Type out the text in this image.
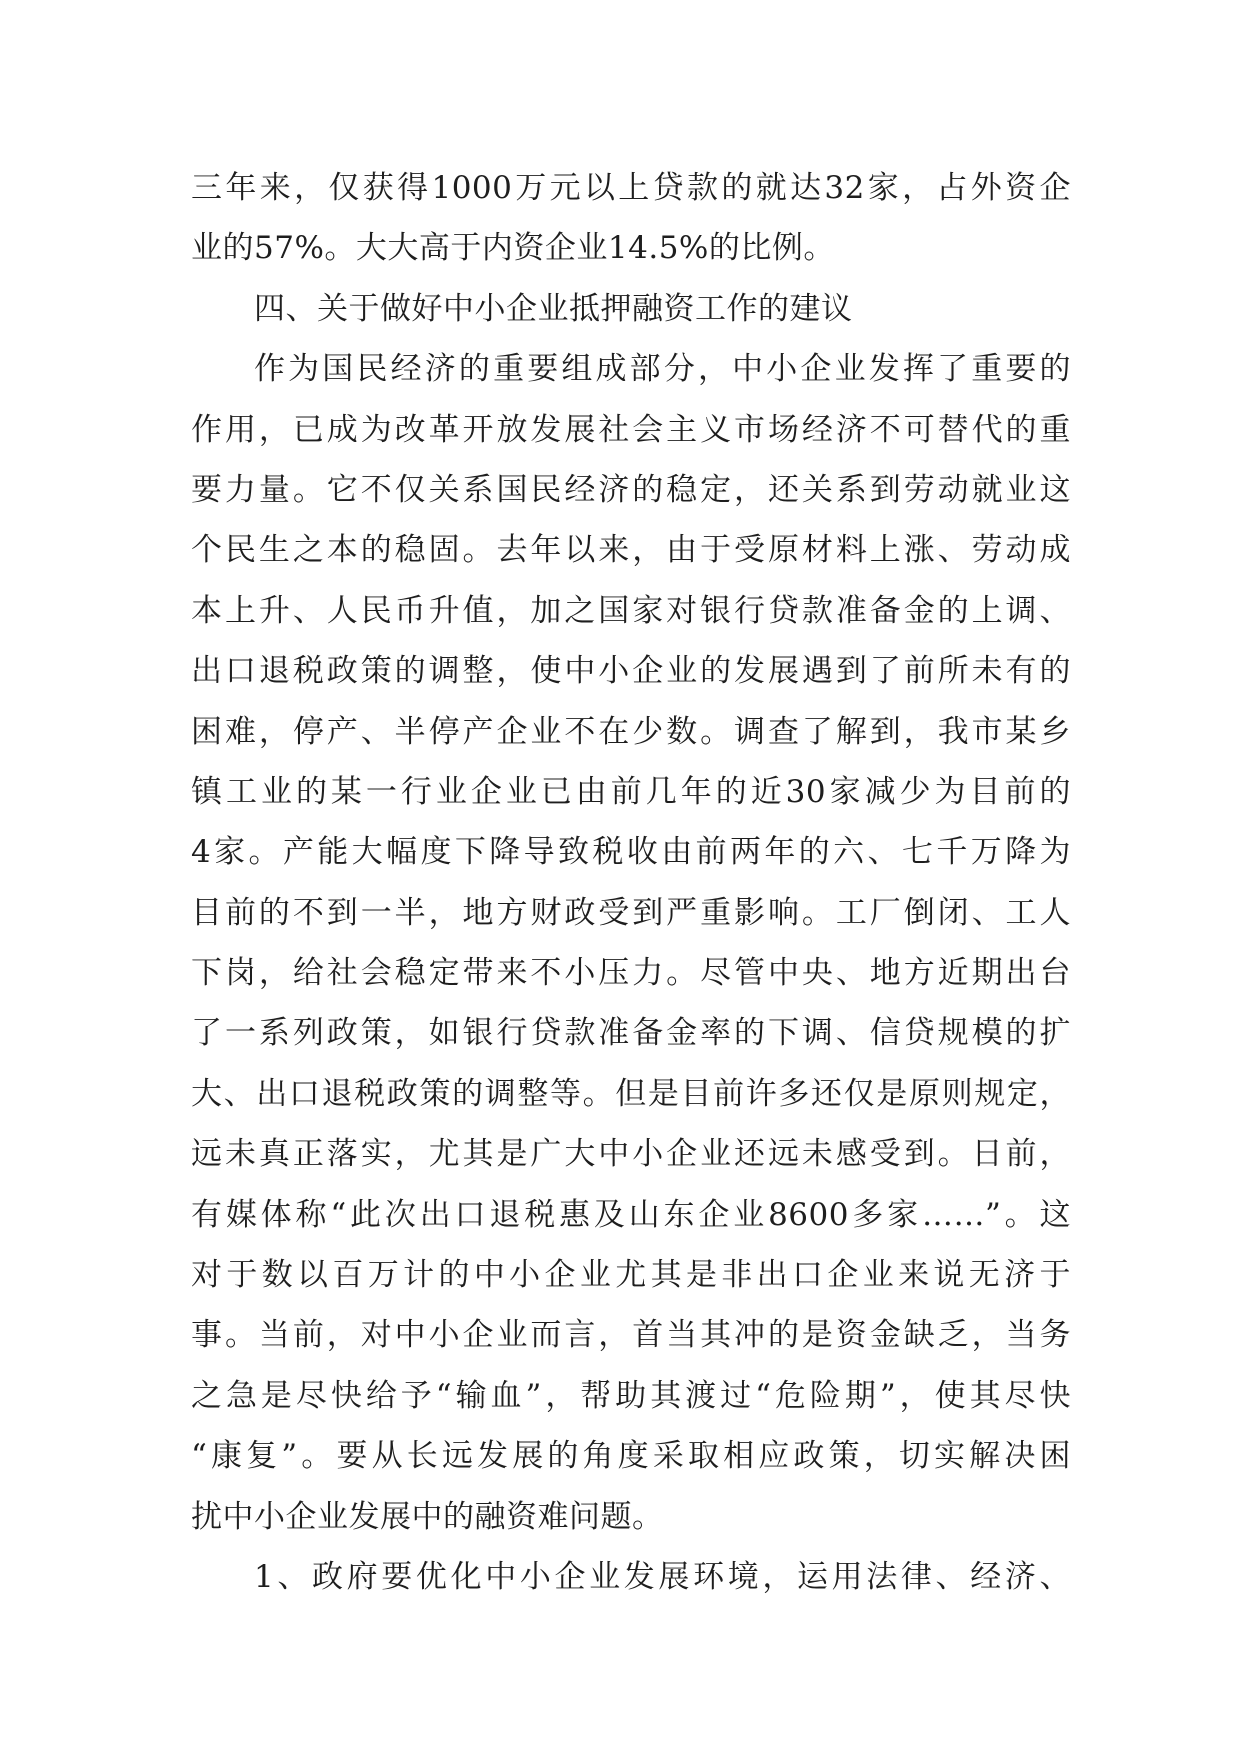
三年来，仅获得1000万元以上贷款的就达32家，占外资企
业的57%。大大高于内资企业14.5%的比例。
四、关于做好中小企业抵押融资工作的建议
作为国民经济的重要组成部分，中小企业发挥了重要的
作用，已成为改革开放发展社会主义市场经济不可替代的重
要力量。它不仅关系国民经济的稳定，还关系到劳动就业这
个民生之本的稳固。去年以来，由于受原材料上涨、劳动成
本上升、人民币升值，加之国家对银行贷款准备金的上调、
出口退税政策的调整，使中小企业的发展遇到了前所未有的
困难，停产、半停产企业不在少数。调查了解到，我市某乡
镇工业的某一行业企业已由前几年的近30家减少为目前的
4家。产能大幅度下降导致税收由前两年的六、七千万降为
目前的不到一半，地方财政受到严重影响。工厂倒闭、工人
下岗，给社会稳定带来不小压力。尽管中央、地方近期出台
了一系列政策，如银行贷款准备金率的下调、信贷规模的扩
大、出口退税政策的调整等。但是目前许多还仅是原则规定，
远未真正落实，尤其是广大中小企业还远未感受到。日前，
有媒体称“此次出口退税惠及山东企业8600多家……”。这
对于数以百万计的中小企业尤其是非出口企业来说无济于
事。当前，对中小企业而言，首当其冲的是资金缺乏，当务
之急是尽快给予“输血”，帮助其渡过“危险期”，使其尽快
“康复”。要从长远发展的角度采取相应政策，切实解决困
扰中小企业发展中的融资难问题。
1、政府要优化中小企业发展环境，运用法律、经济、
